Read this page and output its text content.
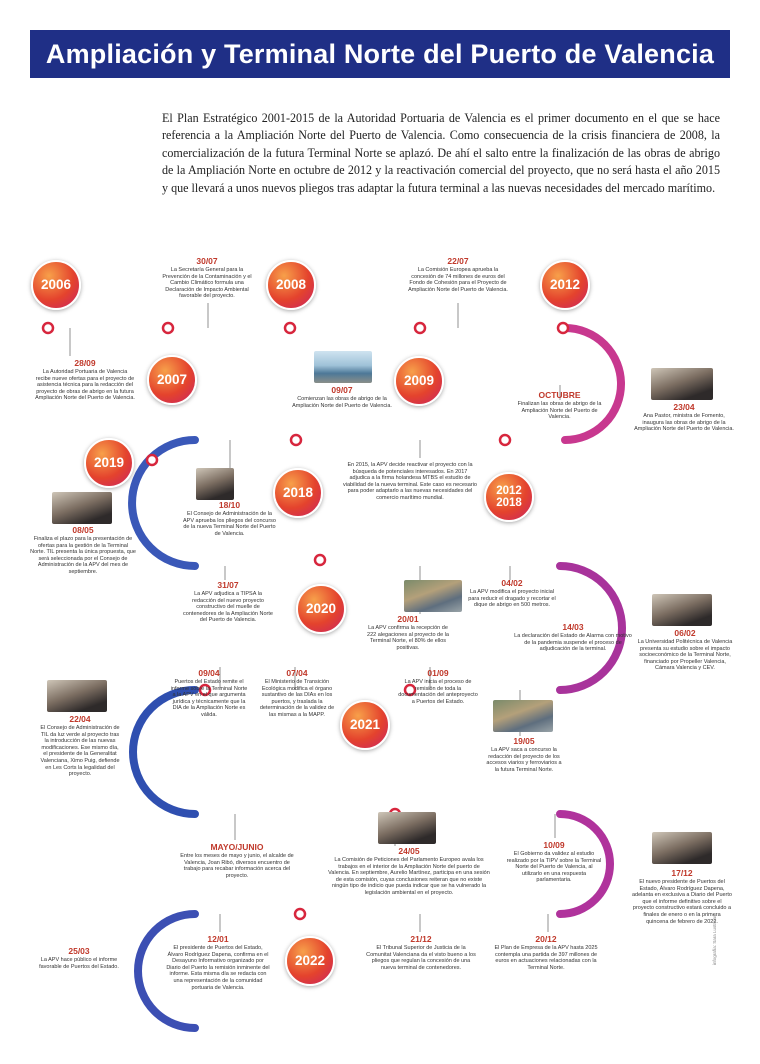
Ampliación y Terminal Norte del Puerto de Valencia
El Plan Estratégico 2001-2015 de la Autoridad Portuaria de Valencia es el primer documento en el que se hace referencia a la Ampliación Norte del Puerto de Valencia. Como consecuencia de la crisis financiera de 2008, la comercialización de la futura Terminal Norte se aplazó. De ahí el salto entre la finalización de las obras de abrigo de la Ampliación Norte en octubre de 2012 y la reactivación comercial del proyecto, que no será hasta el año 2015 y que llevará a unos nuevos pliegos tras adaptar la futura terminal a las nuevas necesidades del mercado marítimo.
2006
2007
2008
2009
2012
2019
2018	2012
2018
2020
2021
2022
30/07
La Secretaría General para la Prevención de la Contaminación y el Cambio Climático formula una Declaración de Impacto Ambiental favorable del proyecto.
22/07
La Comisión Europea aprueba la concesión de 74 millones de euros del Fondo de Cohesión para el Proyecto de Ampliación Norte del Puerto de Valencia.
28/09
La Autoridad Portuaria de Valencia recibe nueve ofertas para el proyecto de asistencia técnica para la redacción del proyecto de obras de abrigo en la futura Ampliación Norte del Puerto de Valencia.
09/07
Comienzan las obras de abrigo de la Ampliación Norte del Puerto de Valencia.
OCTUBRE
Finalizan las obras de abrigo de la Ampliación Norte del Puerto de Valencia.
23/04
Ana Pastor, ministra de Fomento, inaugura las obras de abrigo de la Ampliación Norte del Puerto de Valencia.
En 2015, la APV decide reactivar el proyecto con la búsqueda de potenciales interesados. En 2017 adjudica a la firma holandesa MTBS el estudio de viabilidad de la nueva terminal. Este caso es necesario para poder adaptarlo a las nuevas necesidades del comercio marítimo mundial.
18/10
El Consejo de Administración de la APV aprueba los pliegos del concurso de la nueva Terminal Norte del Puerto de Valencia.
08/05
Finaliza el plazo para la presentación de ofertas para la gestión de la Terminal Norte. TIL presenta la única propuesta, que será seleccionada por el Consejo de Administración de la APV del mes de septiembre.
31/07
La APV adjudica a TIPSA la redacción del nuevo proyecto constructivo del muelle de contenedores de la Ampliación Norte del Puerto de Valencia.	20/01
La APV confirma la recepción de 222 alegaciones al proyecto de la Terminal Norte, el 80% de ellos positivas.
04/02
La APV modifica el proyecto inicial para reducir el dragado y recortar el dique de abrigo en 500 metros.
14/03
La declaración del Estado de Alarma con motivo de la pandemia suspende el proceso de adjudicación de la terminal.
06/02
La Universidad Politécnica de Valencia presenta su estudio sobre el impacto socioeconómico de la Terminal Norte, financiado por Propeller Valencia, Cámara Valencia y CEV.
22/04
El Consejo de Administración de TIL da luz verde al proyecto tras la introducción de las nuevas modificaciones. Ese mismo día, el presidente de la Generalitat Valenciana, Ximo Puig, defiende en Les Corts la legalidad del proyecto.
09/04
Puertos del Estado remite el informe sobre la Terminal Norte a la APV en el que argumenta jurídica y técnicamente que la DIA de la Ampliación Norte es válida.
07/04
El Ministerio de Transición Ecológica modifica el órgano sustantivo de las DIAs en los puertos, y traslada la determinación de la validez de las mismas a la MAPP.
01/09
La APV inicia el proceso de remisión de toda la documentación del anteproyecto a Puertos del Estado.
19/05
La APV saca a concurso la redacción del proyecto de los accesos viarios y ferroviarios a la futura Terminal Norte.
MAYO/JUNIO
Entre los meses de mayo y junio, el alcalde de Valencia, Joan Ribó, diversos encuentro de trabajo para recabar información acerca del proyecto.
24/05
La Comisión de Peticiones del Parlamento Europeo avala los trabajos en el interior de la Ampliación Norte del puerto de Valencia. En septiembre, Aurelio Martínez, participa en una sesión de esta comisión, cuyas conclusiones reiteran que no existe ningún tipo de indicio que pueda indicar que se ha vulnerado la legislación ambiental en el proyecto.
10/09
El Gobierno da validez al estudio realizado por la TIPV sobre la Terminal Norte del Puerto de Valencia, al utilizarlo en una respuesta parlamentaria.
17/12
El nuevo presidente de Puertos del Estado, Álvaro Rodríguez Dapena, adelanta en exclusiva a Diario del Puerto que el informe definitivo sobre el proyecto constructivo estará concluido a finales de enero o en la primera quincena de febrero de 2022.
25/03
La APV hace público el informe favorable de Puertos del Estado.
12/01
El presidente de Puertos del Estado, Álvaro Rodríguez Dapena, confirma en el Desayuno Informativo organizado por Diario del Puerto la remisión inminente del informe. Esta misma día se redacta con una representación de la comunidad portuaria de Valencia.
21/12
El Tribunal Superior de Justicia de la Comunitat Valenciana da el visto bueno a los pliegos que regulan la concesión de una nueva terminal de contenedores.
20/12
El Plan de Empresa de la APV hasta 2025 contempla una partida de 397 millones de euros en actuaciones relacionadas con la Terminal Norte.
infografía: Sara Lustrinas
